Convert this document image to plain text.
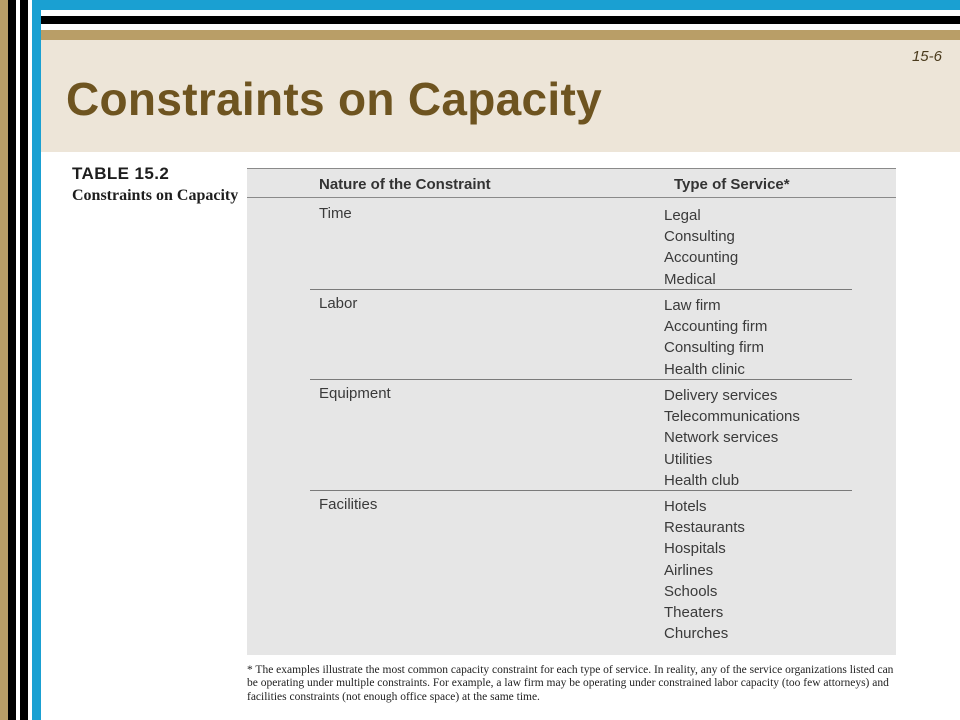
15-6
Constraints on Capacity
TABLE 15.2
Constraints on Capacity
Nature of the Constraint	Type of Service*
Time	Legal
Consulting
Accounting
Medical
Labor	Law firm
Accounting firm
Consulting firm
Health clinic
Equipment	Delivery services
Telecommunications
Network services
Utilities
Health club
Facilities	Hotels
Restaurants
Hospitals
Airlines
Schools
Theaters
Churches
* The examples illustrate the most common capacity constraint for each type of service. In reality, any of the service organizations listed can be operating under multiple constraints. For example, a law firm may be operating under constrained labor capacity (too few attorneys) and facilities constraints (not enough office space) at the same time.
